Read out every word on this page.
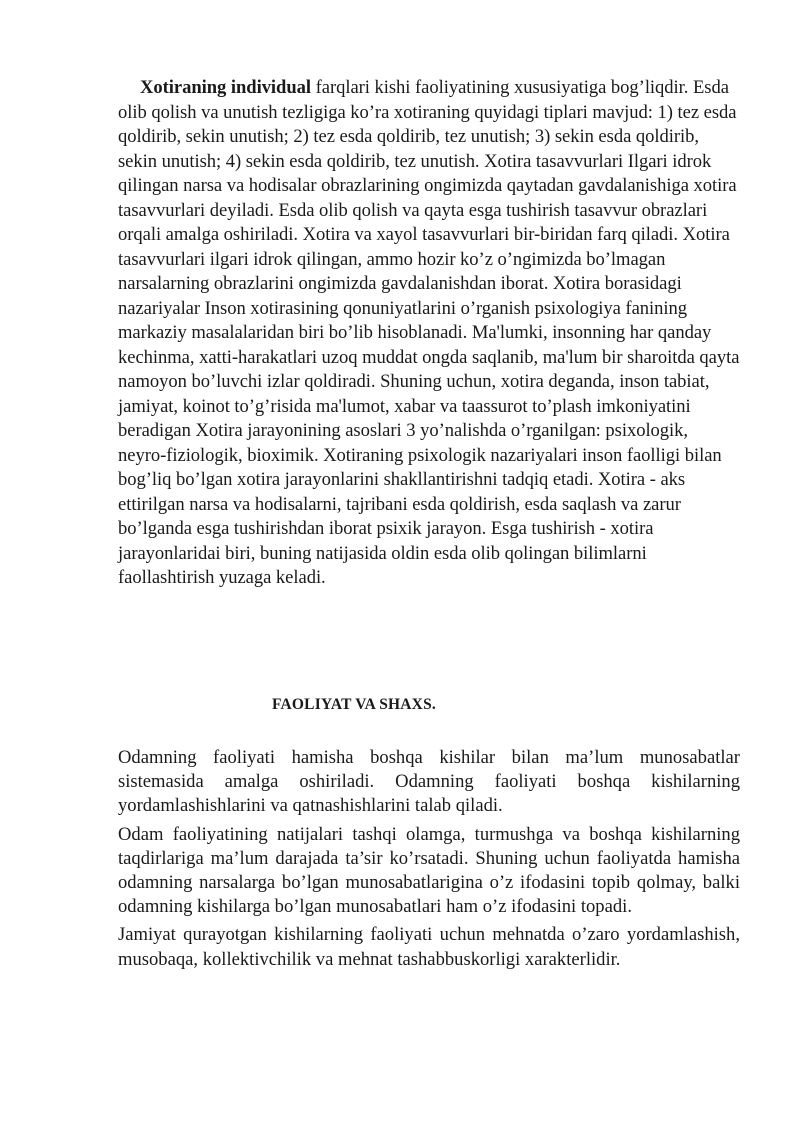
Xotiraning individual farqlari kishi faoliyatining xususiyatiga bog’liqdir. Esda olib qolish va unutish tezligiga ko’ra xotiraning quyidagi tiplari mavjud: 1) tez esda qoldirib, sekin unutish; 2) tez esda qoldirib, tez unutish; 3) sekin esda qoldirib, sekin unutish; 4) sekin esda qoldirib, tez unutish. Xotira tasavvurlari Ilgari idrok qilingan narsa va hodisalar obrazlarining ongimizda qaytadan gavdalanishiga xotira tasavvurlari deyiladi. Esda olib qolish va qayta esga tushirish tasavvur obrazlari orqali amalga oshiriladi. Xotira va xayol tasavvurlari bir-biridan farq qiladi. Xotira tasavvurlari ilgari idrok qilingan, ammo hozir ko’z o’ngimizda bo’lmagan narsalarning obrazlarini ongimizda gavdalanishdan iborat. Xotira borasidagi nazariyalar Inson xotirasining qonuniyatlarini o’rganish psixologiya fanining markaziy masalalaridan biri bo’lib hisoblanadi. Ma'lumki, insonning har qanday kechinma, xatti-harakatlari uzoq muddat ongda saqlanib, ma'lum bir sharoitda qayta namoyon bo’luvchi izlar qoldiradi. Shuning uchun, xotira deganda, inson tabiat, jamiyat, koinot to’g’risida ma'lumot, xabar va taassurot to’plash imkoniyatini beradigan Xotira jarayonining asoslari 3 yo’nalishda o’rganilgan: psixologik, neyro-fiziologik, bioximik. Xotiraning psixologik nazariyalari inson faolligi bilan bog’liq bo’lgan xotira jarayonlarini shakllantirishni tadqiq etadi. Xotira - aks ettirilgan narsa va hodisalarni, tajribani esda qoldirish, esda saqlash va zarur bo’lganda esga tushirishdan iborat psixik jarayon. Esga tushirish - xotira jarayonlaridai biri, buning natijasida oldin esda olib qolingan bilimlarni faollashtirish yuzaga keladi.

FAOLIYAT VA SHAXS.

Odamning faoliyati hamisha boshqa kishilar bilan ma’lum munosabatlar sistemasida amalga oshiriladi. Odamning faoliyati boshqa kishilarning yordamlashishlarini va qatnashishlarini talab qiladi.

Odam faoliyatining natijalari tashqi olamga, turmushga va boshqa kishilarning taqdirlariga ma’lum darajada ta’sir ko’rsatadi. Shuning uchun faoliyatda hamisha odamning narsalarga bo’lgan munosabatlarigina o’z ifodasini topib qolmay, balki odamning kishilarga bo’lgan munosabatlari ham o’z ifodasini topadi.

Jamiyat qurayotgan kishilarning faoliyati uchun mehnatda o’zaro yordamlashish, musobaqa, kollektivchilik va mehnat tashabbuskorligi xarakterlidir.
